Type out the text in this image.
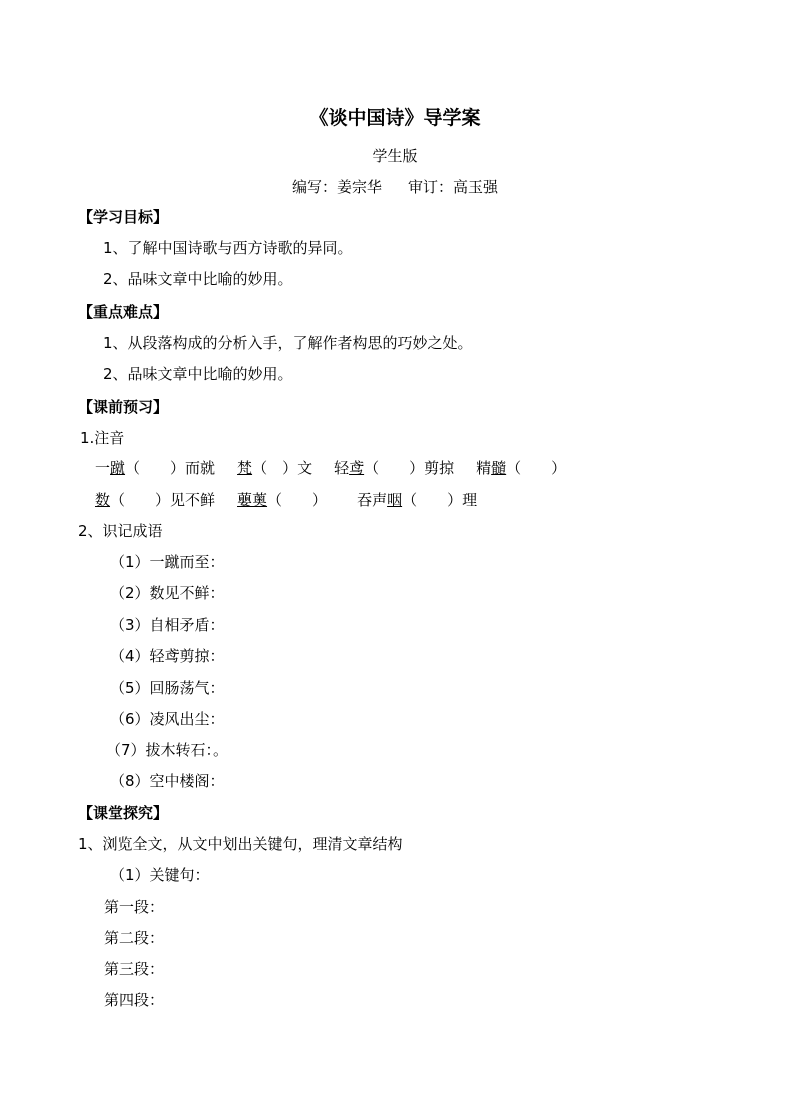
《谈中国诗》导学案
学生版
编写：姜宗华 审订：高玉强
【学习目标】
1、了解中国诗歌与西方诗歌的异同。
2、品味文章中比喻的妙用。
【重点难点】
1、从段落构成的分析入手，了解作者构思的巧妙之处。
2、品味文章中比喻的妙用。
【课前预习】
1.注音
一蹴（　　）而就 梵（　）文 轻鸢（　　）剪掠 精髓（　　）
数（　　）见不鲜 蘡薁（　　） 吞声咽（　　）理
2、识记成语
（1）一蹴而至：
（2）数见不鲜：
（3）自相矛盾：
（4）轻鸢剪掠：
（5）回肠荡气：
（6）凌风出尘：
（7）拔木转石：。
（8）空中楼阁：
【课堂探究】
1、浏览全文，从文中划出关键句，理清文章结构
（1）关键句：
第一段：
第二段：
第三段：
第四段：
